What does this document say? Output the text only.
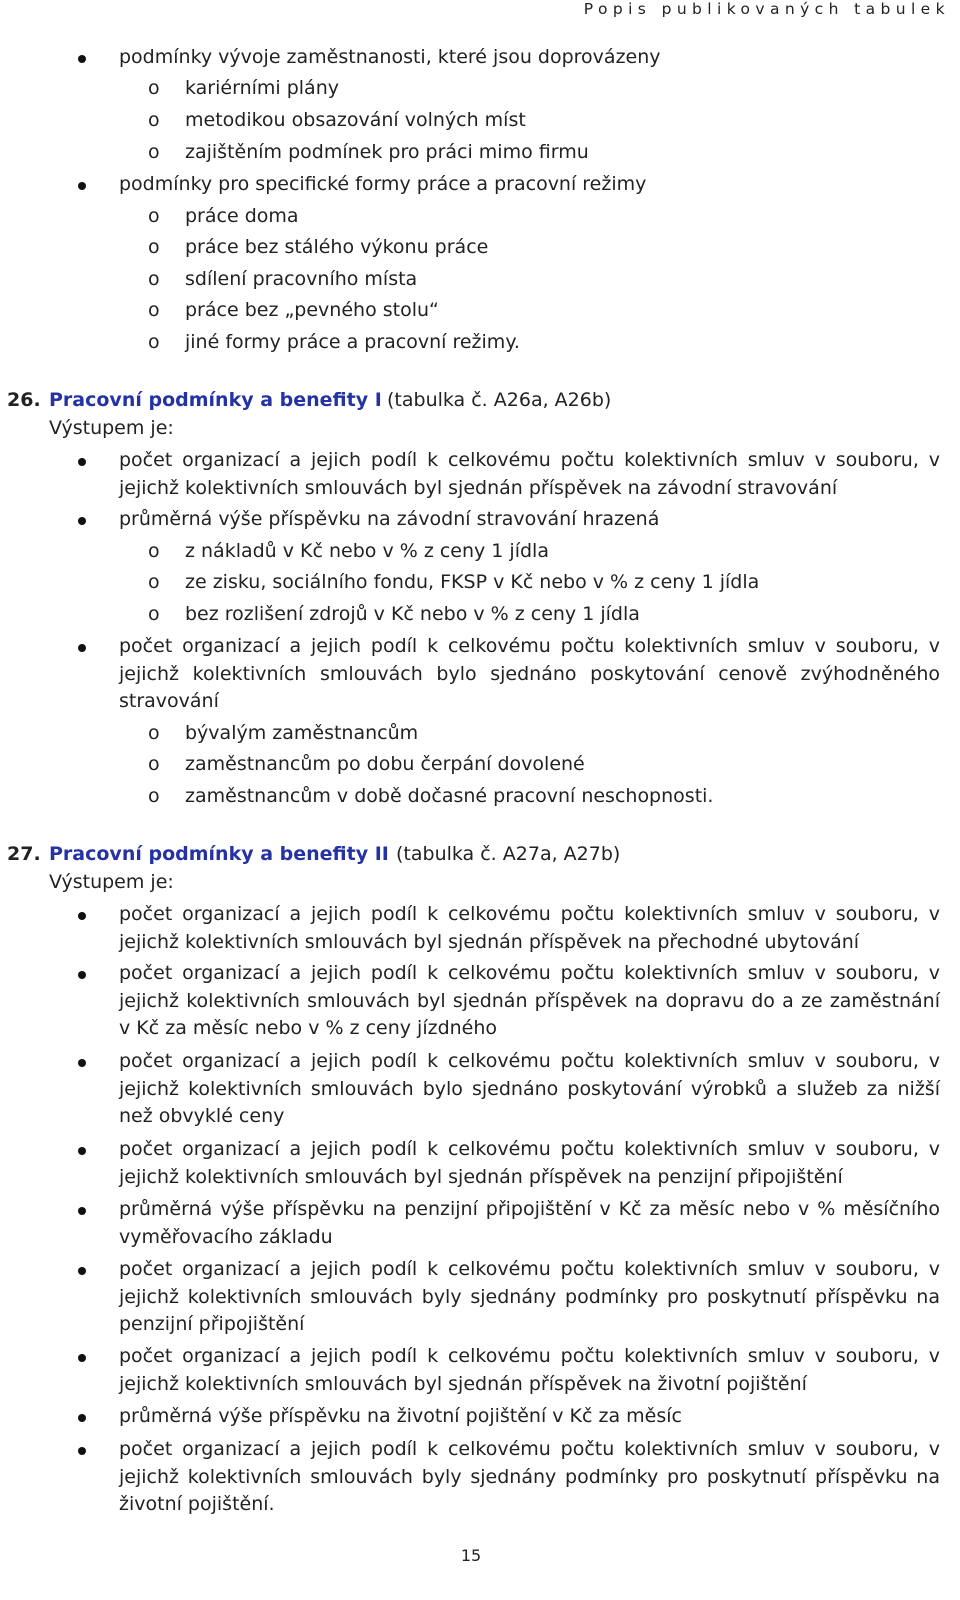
Popis publikovaných tabulek
podmínky vývoje zaměstnanosti, které jsou doprovázeny
o kariérními plány
o metodikou obsazování volných míst
o zajištěním podmínek pro práci mimo firmu
podmínky pro specifické formy práce a pracovní režimy
o práce doma
o práce bez stálého výkonu práce
o sdílení pracovního místa
o práce bez „pevného stolu“
o jiné formy práce a pracovní režimy.
26. Pracovní podmínky a benefity I (tabulka č. A26a, A26b)
Výstupem je:
počet organizací a jejich podíl k celkovému počtu kolektivních smluv v souboru, v jejichž kolektivních smlouvách byl sjednán příspěvek na závodní stravování
průměrná výše příspěvku na závodní stravování hrazená
o z nákladů v Kč nebo v % z ceny 1 jídla
o ze zisku, sociálního fondu, FKSP v Kč nebo v % z ceny 1 jídla
o bez rozlišení zdrojů v Kč nebo v % z ceny 1 jídla
počet organizací a jejich podíl k celkovému počtu kolektivních smluv v souboru, v jejichž kolektivních smlouvách bylo sjednáno poskytování cenově zvýhodněného stravování
o bývalým zaměstnancům
o zaměstnancům po dobu čerpání dovolené
o zaměstnancům v době dočasné pracovní neschopnosti.
27. Pracovní podmínky a benefity II (tabulka č. A27a, A27b)
Výstupem je:
počet organizací a jejich podíl k celkovému počtu kolektivních smluv v souboru, v jejichž kolektivních smlouvách byl sjednán příspěvek na přechodné ubytování
počet organizací a jejich podíl k celkovému počtu kolektivních smluv v souboru, v jejichž kolektivních smlouvách byl sjednán příspěvek na dopravu do a ze zaměstnání v Kč za měsíc nebo v % z ceny jízdného
počet organizací a jejich podíl k celkovému počtu kolektivních smluv v souboru, v jejichž kolektivních smlouvách bylo sjednáno poskytování výrobků a služeb za nižší než obvyklé ceny
počet organizací a jejich podíl k celkovému počtu kolektivních smluv v souboru, v jejichž kolektivních smlouvách byl sjednán příspěvek na penzijní připojištění
průměrná výše příspěvku na penzijní připojištění v Kč za měsíc nebo v % měsíčního vyměřovacího základu
počet organizací a jejich podíl k celkovému počtu kolektivních smluv v souboru, v jejichž kolektivních smlouvách byly sjednány podmínky pro poskytnutí příspěvku na penzijní připojištění
počet organizací a jejich podíl k celkovému počtu kolektivních smluv v souboru, v jejichž kolektivních smlouvách byl sjednán příspěvek na životní pojištění
průměrná výše příspěvku na životní pojištění v Kč za měsíc
počet organizací a jejich podíl k celkovému počtu kolektivních smluv v souboru, v jejichž kolektivních smlouvách byly sjednány podmínky pro poskytnutí příspěvku na životní pojištění.
15
